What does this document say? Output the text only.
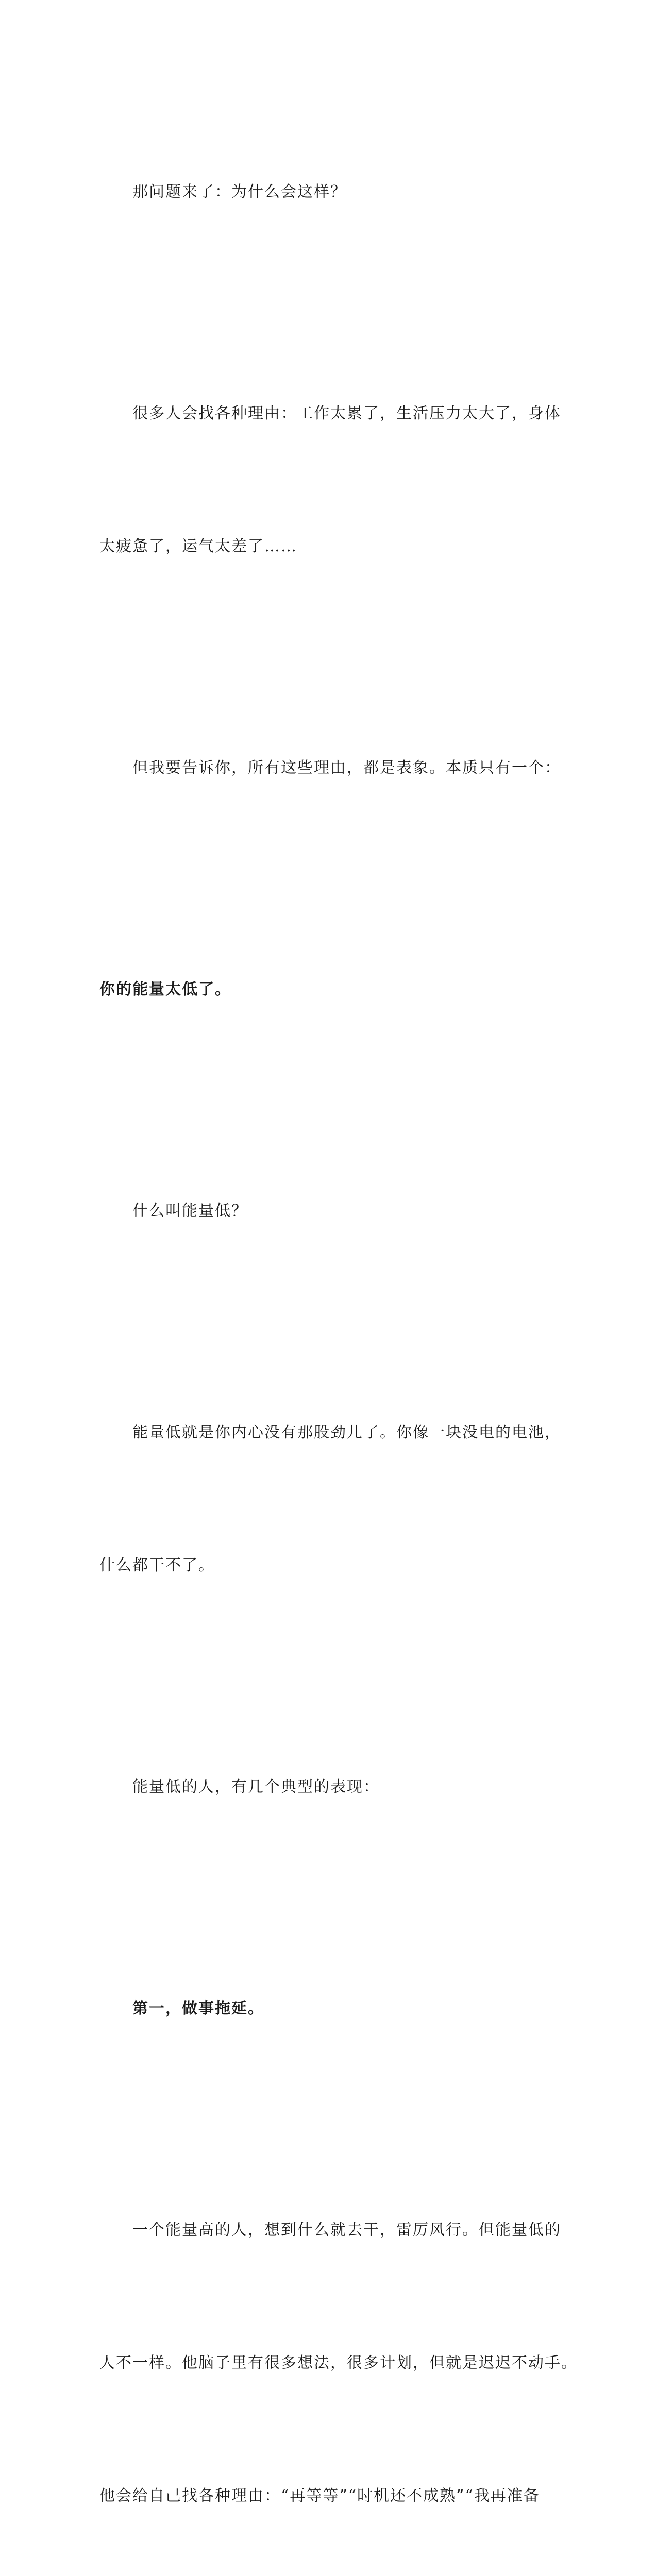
那问题来了：为什么会这样？

很多人会找各种理由：工作太累了，生活压力太大了，身体

太疲惫了，运气太差了……

但我要告诉你，所有这些理由，都是表象。本质只有一个：

你的能量太低了。

什么叫能量低？

能量低就是你内心没有那股劲儿了。你像一块没电的电池，

什么都干不了。

能量低的人，有几个典型的表现：

第一，做事拖延。

一个能量高的人，想到什么就去干，雷厉风行。但能量低的

人不一样。他脑子里有很多想法，很多计划，但就是迟迟不动手。

他会给自己找各种理由：“再等等”“时机还不成熟”“我再准备
